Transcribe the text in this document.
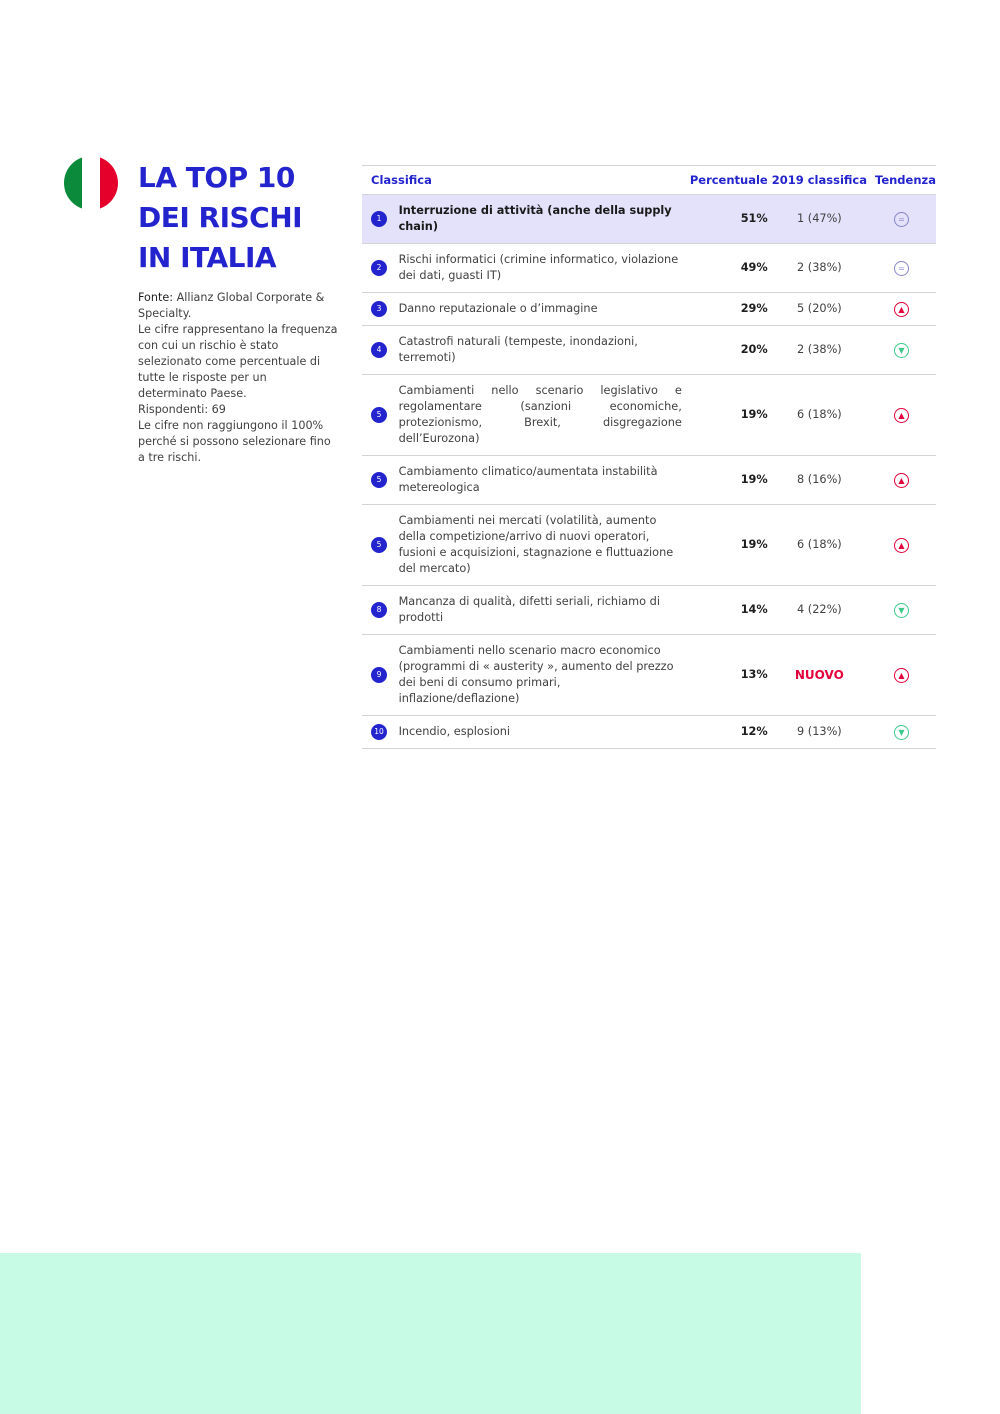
LA TOP 10 DEI RISCHI IN ITALIA

Fonte: Allianz Global Corporate & Specialty.

Le cifre rappresentano la frequenza con cui un rischio è stato selezionato come percentuale di tutte le risposte per un determinato Paese.

Rispondenti: 69

Le cifre non raggiungono il 100% perché si possono selezionare fino a tre rischi.

Classifica		Percentuale	2019 classifica	Tendenza

1	Interruzione di attività (anche della supply chain)	51%	1 (47%)	=

2	Rischi informatici (crimine informatico, violazione dei dati, guasti IT)	49%	2 (38%)	=

3	Danno reputazionale o d’immagine	29%	5 (20%)	▲

4	Catastrofi naturali (tempeste, inondazioni, terremoti)	20%	2 (38%)	▼

5	Cambiamenti nello scenario legislativo e regolamentare (sanzioni economiche, protezionismo, Brexit, disgregazione dell’Eurozona)	19%	6 (18%)	▲

5	Cambiamento climatico/aumentata instabilità metereologica	19%	8 (16%)	▲

5	Cambiamenti nei mercati (volatilità, aumento della competizione/arrivo di nuovi operatori, fusioni e acquisizioni, stagnazione e fluttuazione del mercato)	19%	6 (18%)	▲

8	Mancanza di qualità, difetti seriali, richiamo di prodotti	14%	4 (22%)	▼

9	Cambiamenti nello scenario macro economico (programmi di « austerity », aumento del prezzo dei beni di consumo primari, inflazione/deflazione)	13%	NUOVO	▲

10	Incendio, esplosioni	12%	9 (13%)	▼
